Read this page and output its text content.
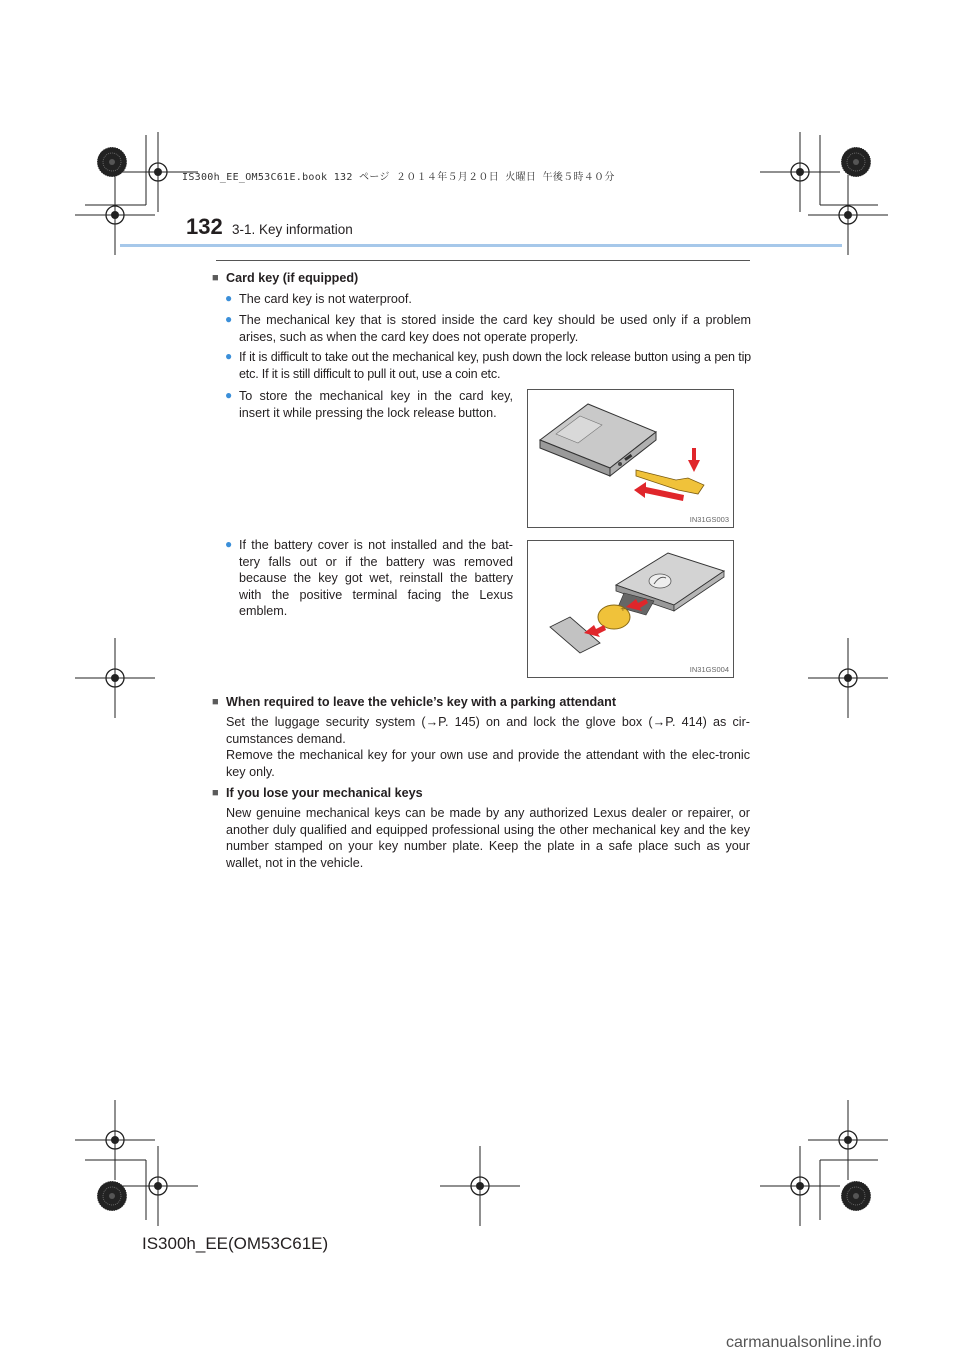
IS300h_EE_OM53C61E.book 132 ページ ２０１４年５月２０日 火曜日 午後５時４０分
132 3-1. Key information
■ Card key (if equipped)
● The card key is not waterproof.
● The mechanical key that is stored inside the card key should be used only if a problem arises, such as when the card key does not operate properly.
● If it is difficult to take out the mechanical key, push down the lock release button using a pen tip etc. If it is still difficult to pull it out, use a coin etc.
● To store the mechanical key in the card key, insert it while pressing the lock release button.
● If the battery cover is not installed and the bat-tery falls out or if the battery was removed because the key got wet, reinstall the battery with the positive terminal facing the Lexus emblem.
IN31GS003
+
IN31GS004
■ When required to leave the vehicle’s key with a parking attendant
Set the luggage security system (→P. 145) on and lock the glove box (→P. 414) as cir-cumstances demand.
Remove the mechanical key for your own use and provide the attendant with the elec-tronic key only.
■ If you lose your mechanical keys
New genuine mechanical keys can be made by any authorized Lexus dealer or repairer, or another duly qualified and equipped professional using the other mechanical key and the key number stamped on your key number plate. Keep the plate in a safe place such as your wallet, not in the vehicle.
IS300h_EE(OM53C61E)
carmanualsonline.info
